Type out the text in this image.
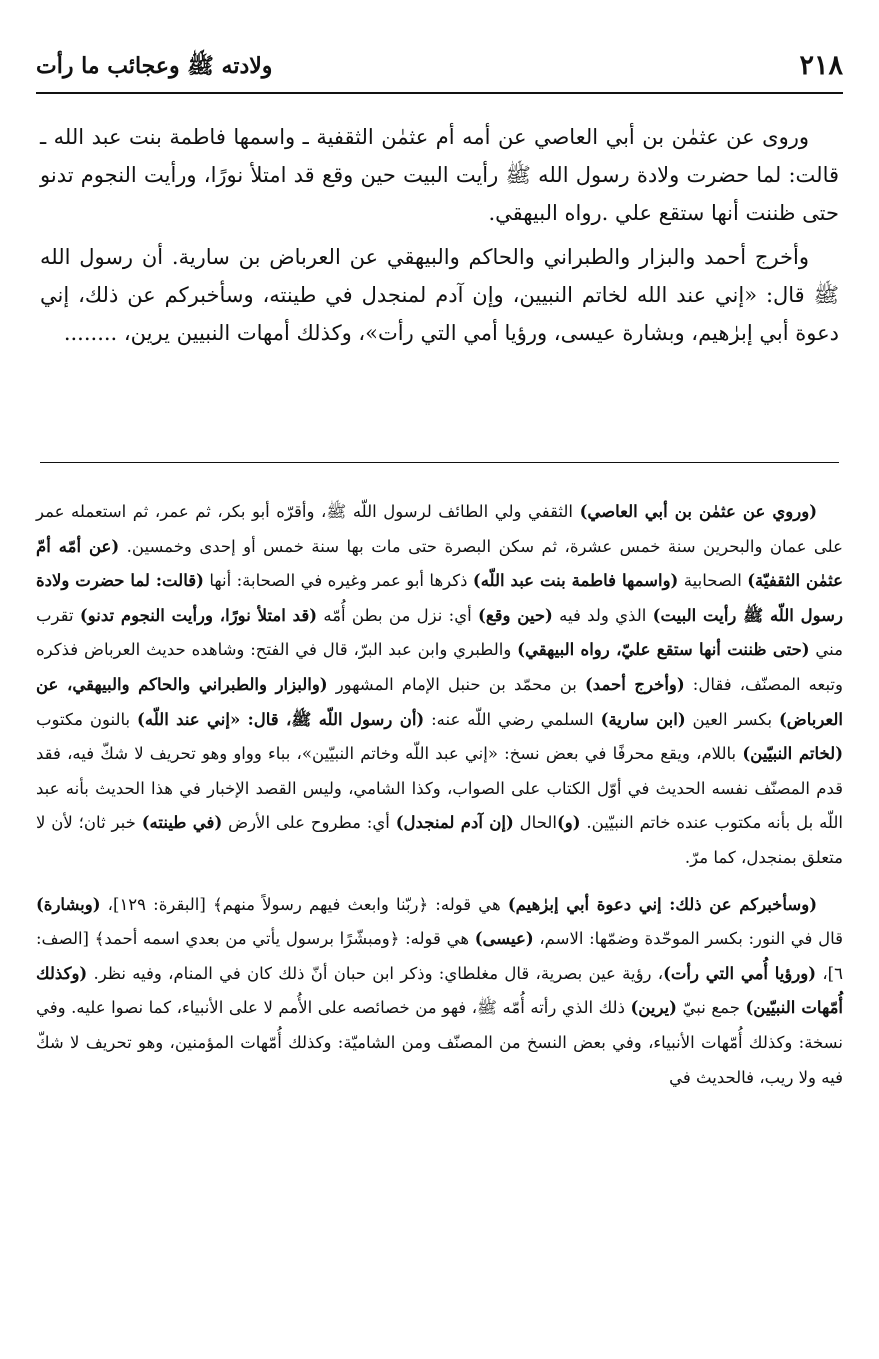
٢١٨
ولادته ﷺ وعجائب ما رأت

وروى عن عثمٰن بن أبي العاصي عن أمه أم عثمٰن الثقفية ـ واسمها فاطمة بنت عبد الله ـ قالت: لما حضرت ولادة رسول الله ﷺ رأيت البيت حين وقع قد امتلأ نورًا، ورأيت النجوم تدنو حتى ظننت أنها ستقع علي .رواه البيهقي.

وأخرج أحمد والبزار والطبراني والحاكم والبيهقي عن العرباض بن سارية. أن رسول الله ﷺ قال: «إني عند الله لخاتم النبيين، وإن آدم لمنجدل في طينته، وسأخبركم عن ذلك، إني دعوة أبي إبرٰهيم، وبشارة عيسى، ورؤيا أمي التي رأت»، وكذلك أمهات النبيين يرين، ........

(وروي عن عثمٰن بن أبي العاصي) الثقفي ولي الطائف لرسول اللّه ﷺ، وأقرّه أبو بكر، ثم عمر، ثم استعمله عمر على عمان والبحرين سنة خمس عشرة، ثم سكن البصرة حتى مات بها سنة خمس أو إحدى وخمسين. (عن أمّه أمّ عثمٰن الثقفيّة) الصحابية (واسمها فاطمة بنت عبد اللّه) ذكرها أبو عمر وغيره في الصحابة: أنها (قالت: لما حضرت ولادة رسول اللّه ﷺ رأيت البيت) الذي ولد فيه (حين وقع) أي: نزل من بطن أُمّه (قد امتلأ نورًا، ورأيت النجوم تدنو) تقرب مني (حتى ظننت أنها ستقع عليّ، رواه البيهقي) والطبري وابن عبد البرّ، قال في الفتح: وشاهده حديث العرباض فذكره وتبعه المصنّف، فقال: (وأخرج أحمد) بن محمّد بن حنبل الإمام المشهور (والبزار والطبراني والحاكم والبيهقي، عن العرباض) بكسر العين (ابن سارية) السلمي رضي اللّه عنه: (أن رسول اللّه ﷺ، قال: «إني عند اللّه) بالنون مكتوب (لخاتم النبيّين) باللام، ويقع محرفًا في بعض نسخ: «إني عبد اللّه وخاتم النبيّين»، بباء وواو وهو تحريف لا شكّ فيه، فقد قدم المصنّف نفسه الحديث في أوّل الكتاب على الصواب، وكذا الشامي، وليس القصد الإخبار في هذا الحديث بأنه عبد اللّه بل بأنه مكتوب عنده خاتم النبيّين. (و)الحال (إن آدم لمنجدل) أي: مطروح على الأرض (في طينته) خبر ثان؛ لأن لا متعلق بمنجدل، كما مرّ.

(وسأخبركم عن ذلك: إني دعوة أبي إبرٰهيم) هي قوله: ﴿ربّنا وابعث فيهم رسولاً منهم﴾ [البقرة: ١٢٩]، (وبشارة) قال في النور: بكسر الموحّدة وضمّها: الاسم، (عيسى) هي قوله: ﴿ومبشّرًا برسول يأتي من بعدي اسمه أحمد﴾ [الصف: ٦]، (ورؤيا أُمي التي رأت)، رؤية عين بصرية، قال مغلطاي: وذكر ابن حبان أنّ ذلك كان في المنام، وفيه نظر. (وكذلك أُمّهات النبيّين) جمع نبيّ (يرين) ذلك الذي رأته أُمّه ﷺ، فهو من خصائصه على الأُمم لا على الأنبياء، كما نصوا عليه. وفي نسخة: وكذلك أُمّهات الأنبياء، وفي بعض النسخ من المصنّف ومن الشاميّة: وكذلك أُمّهات المؤمنين، وهو تحريف لا شكّ فيه ولا ريب، فالحديث في
